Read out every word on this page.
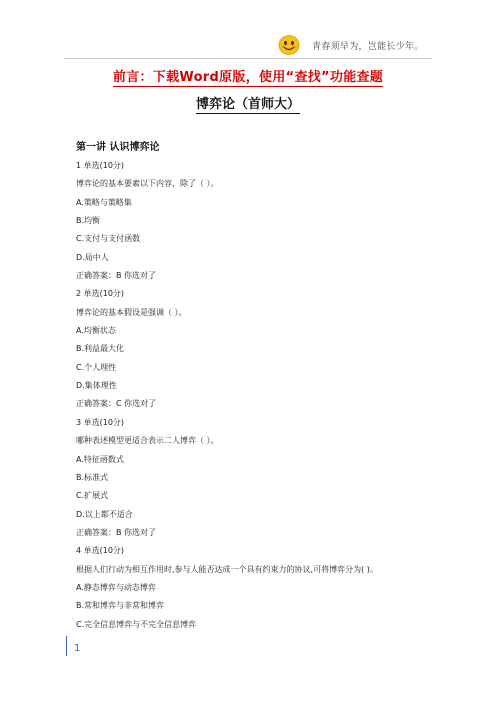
青春须早为，岂能长少年。
前言：下载Word原版，使用“查找”功能查题
博弈论（首师大）
第一讲 认识博弈论
1 单选(10分)
博弈论的基本要素以下内容，除了（ ）。
A.策略与策略集
B.均衡
C.支付与支付函数
D.局中人
正确答案：B 你选对了
2 单选(10分)
博弈论的基本假设是强调（ ）。
A.均衡状态
B.利益最大化
C.个人理性
D.集体理性
正确答案：C 你选对了
3 单选(10分)
哪种表述模型更适合表示二人博弈（ ）。
A.特征函数式
B.标准式
C.扩展式
D.以上都不适合
正确答案：B 你选对了
4 单选(10分)
根据人们行动为相互作用时,参与人能否达成一个具有约束力的协议,可将博弈分为( )。
A.静态博弈与动态博弈
B.常和博弈与非常和博弈
C.完全信息博弈与不完全信息博弈
1
